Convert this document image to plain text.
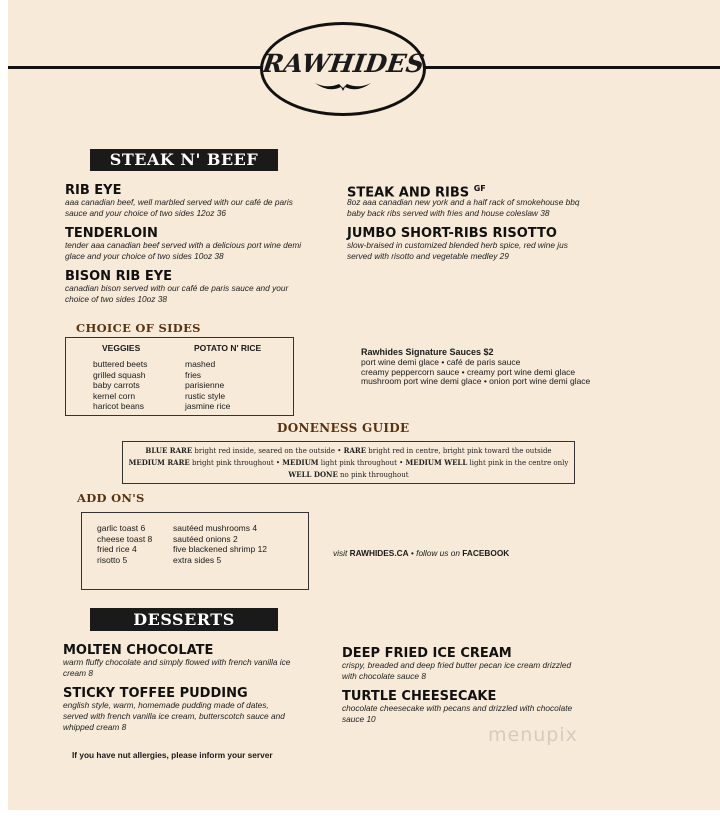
RAWHIDES
STEAK N' BEEF
RIB EYE
aaa canadian beef, well marbled served with our café de paris sauce and your choice of two sides 12oz 36
TENDERLOIN
tender aaa canadian beef served with a delicious port wine demi glace and your choice of two sides 10oz 38
BISON RIB EYE
canadian bison served with our café de paris sauce and your choice of two sides 10oz 38
STEAK AND RIBS $^{GF}$
8oz aaa canadian new york and a half rack of smokehouse bbq baby back ribs served with fries and house coleslaw 38
JUMBO SHORT-RIBS RISOTTO
slow-braised in customized blended herb spice, red wine jus served with risotto and vegetable medley 29
CHOICE OF SIDES
VEGGIES	POTATO N' RICE
buttered beets
grilled squash
baby carrots
kernel corn
haricot beans
mashed
fries
parisienne
rustic style
jasmine rice
Rawhides Signature Sauces $2
port wine demi glace • café de paris sauce
creamy peppercorn sauce • creamy port wine demi glace
mushroom port wine demi glace • onion port wine demi glace
DONENESS GUIDE
BLUE RARE bright red inside, seared on the outside • RARE bright red in centre, bright pink toward the outside
MEDIUM RARE bright pink throughout • MEDIUM light pink throughout • MEDIUM WELL light pink in the centre only
WELL DONE no pink throughout
ADD ON'S
garlic toast 6
cheese toast 8
fried rice 4
risotto 5
sautéed mushrooms 4
sautéed onions 2
five blackened shrimp 12
extra sides 5
visit RAWHIDES.CA • follow us on FACEBOOK
DESSERTS
MOLTEN CHOCOLATE
warm fluffy chocolate and simply flowed with french vanilla ice cream 8
STICKY TOFFEE PUDDING
english style, warm, homemade pudding made of dates, served with french vanilla ice cream, butterscotch sauce and whipped cream 8
DEEP FRIED ICE CREAM
crispy, breaded and deep fried butter pecan ice cream drizzled with chocolate sauce 8
TURTLE CHEESECAKE
chocolate cheesecake with pecans and drizzled with chocolate sauce 10
If you have nut allergies, please inform your server
menupix
